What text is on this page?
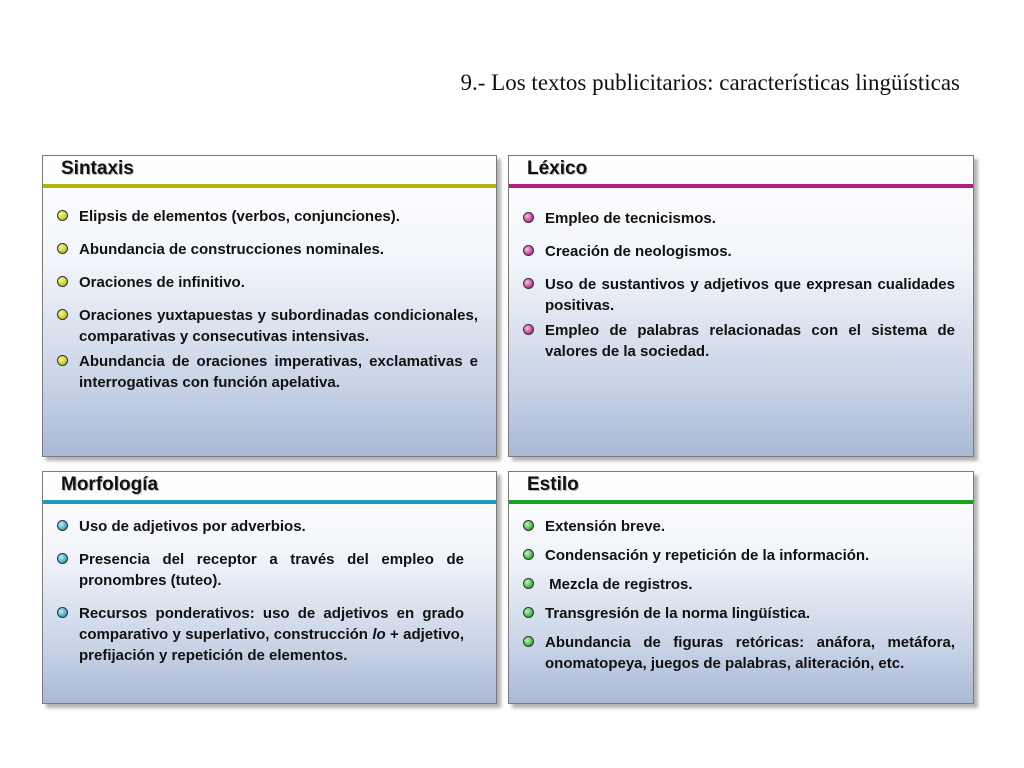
9.- Los textos publicitarios: características lingüísticas
Sintaxis
Elipsis de elementos (verbos, conjunciones).
Abundancia de construcciones nominales.
Oraciones de infinitivo.
Oraciones yuxtapuestas y subordinadas condicionales, comparativas y consecutivas intensivas.
Abundancia de oraciones imperativas, exclamativas e interrogativas con función apelativa.
Léxico
Empleo de tecnicismos.
Creación de neologismos.
Uso de sustantivos y adjetivos que expresan cualidades positivas.
Empleo de palabras relacionadas con el sistema de valores de la sociedad.
Morfología
Uso de adjetivos por adverbios.
Presencia del receptor a través del empleo de pronombres (tuteo).
Recursos ponderativos: uso de adjetivos en grado comparativo y superlativo, construcción lo + adjetivo, prefijación y repetición de elementos.
Estilo
Extensión breve.
Condensación y repetición de la información.
Mezcla de registros.
Transgresión de la norma lingüística.
Abundancia de figuras retóricas: anáfora, metáfora, onomatopeya, juegos de palabras, aliteración, etc.
